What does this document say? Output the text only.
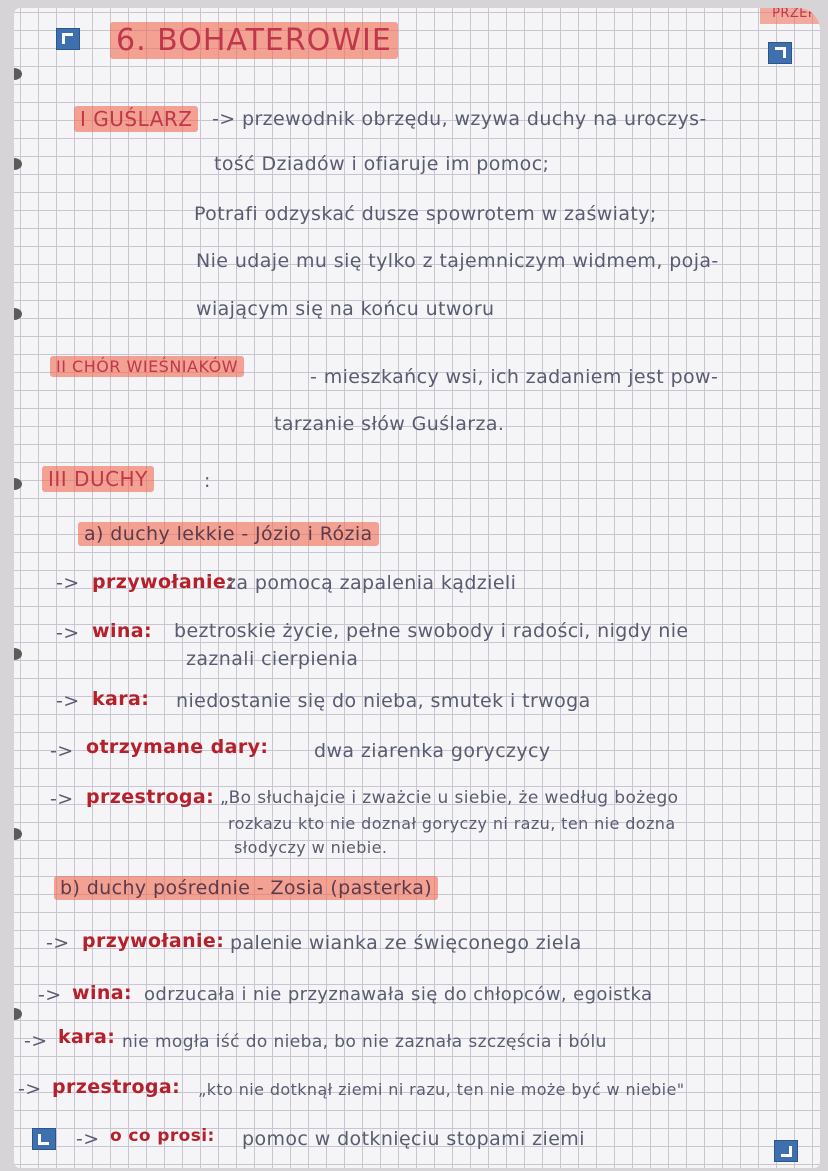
PRZEP
6. BOHATEROWIE
I GUŚLARZ	-> przewodnik obrzędu, wzywa duchy na uroczys-
tość Dziadów i ofiaruje im pomoc;
Potrafi odzyskać dusze spowrotem w zaświaty;
Nie udaje mu się tylko z tajemniczym widmem, poja-
wiającym się na końcu utworu
II CHÓR WIEŚNIAKÓW	- mieszkańcy wsi, ich zadaniem jest pow-
tarzanie słów Guślarza.
III DUCHY	:
a) duchy lekkie - Józio i Rózia
-> przywołanie:
za pomocą zapalenia kądzieli
-> wina: beztroskie życie, pełne swobody i radości, nigdy nie
zaznali cierpienia
-> kara: niedostanie się do nieba, smutek i trwoga
-> otrzymane dary: dwa ziarenka goryczycy
-> przestroga: „Bo słuchajcie i zważcie u siebie, że według bożego
rozkazu kto nie doznał goryczy ni razu, ten nie dozna
słodyczy w niebie.
b) duchy pośrednie - Zosia (pasterka)
-> przywołanie: palenie wianka ze święconego ziela
-> wina: odrzucała i nie przyznawała się do chłopców, egoistka
-> kara: nie mogła iść do nieba, bo nie zaznała szczęścia i bólu
-> przestroga: „kto nie dotknął ziemi ni razu, ten nie może być w niebie"
-> o co prosi: pomoc w dotknięciu stopami ziemi
